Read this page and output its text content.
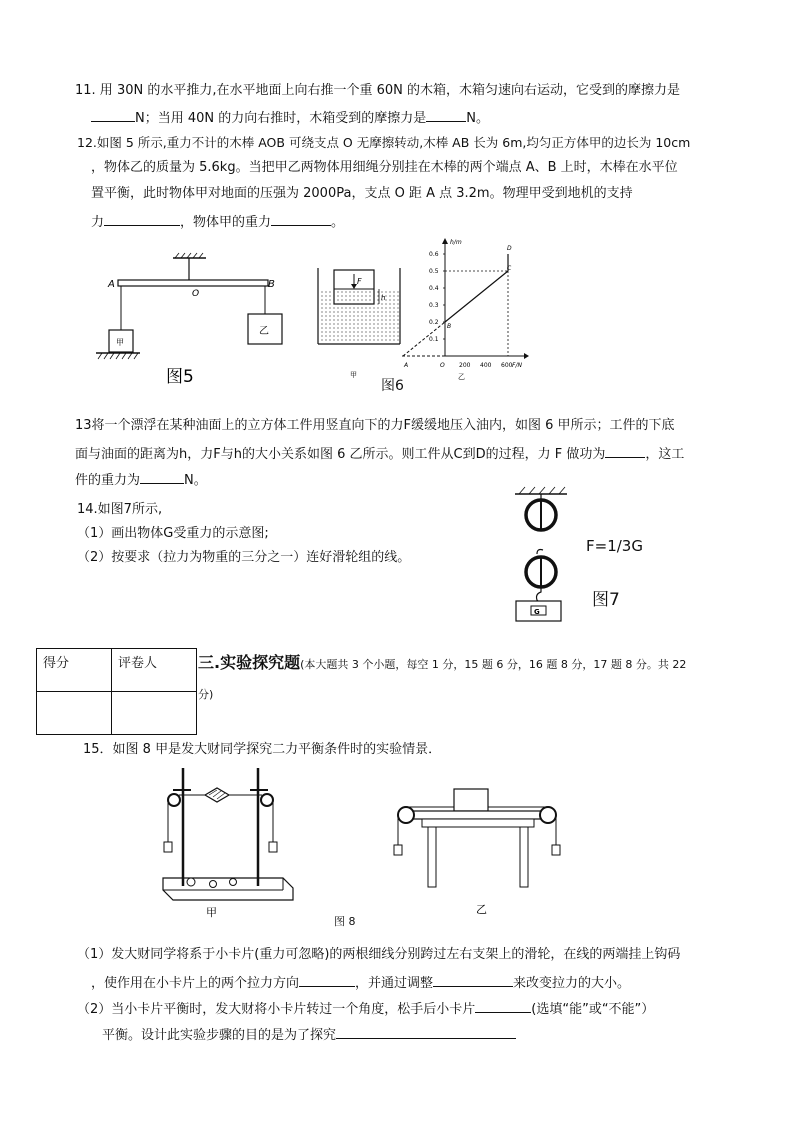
11. 用 30N 的水平推力,在水平地面上向右推一个重 60N 的木箱，木箱匀速向右运动，它受到的摩擦力是
N；当用 40N 的力向右推时，木箱受到的摩擦力是	N。
12.如图 5 所示,重力不计的木棒 AOB 可绕支点 O 无摩擦转动,木棒 AB 长为 6m,均匀正方体甲的边长为 10cm
，物体乙的质量为 5.6kg。当把甲乙两物体用细绳分别挂在木棒的两个端点 A、B 上时，木棒在水平位
置平衡，此时物体甲对地面的压强为 2000Pa，支点 O 距 A 点 3.2m。物理甲受到地机的支持
力	，物体甲的重力	。
A
O
B
甲
乙
图5
F
h
甲
h/m
F/N
0.6
0.5
0.4
0.3
0.2
0.1
200 400 600
A	O
B
C
D
乙
图6
13将一个漂浮在某种油面上的立方体工件用竖直向下的力F缓缓地压入油内，如图 6 甲所示；工件的下底
面与油面的距离为h，力F与h的大小关系如图 6 乙所示。则工件从C到D的过程，力 F 做功为	，这工
件的重力为	N。
14.如图7所示,
（1）画出物体G受重力的示意图;
（2）按要求（拉力为物重的三分之一）连好滑轮组的线。
G
F=1/3G
图7
得分	评卷人
		三.实验探究题(本大题共 3 个小题，每空 1 分，15 题 6 分，16 题 8 分，17 题 8 分。共 22
分)
15．如图 8 甲是发大财同学探究二力平衡条件时的实验情景．
甲
图 8
乙
（1）发大财同学将系于小卡片(重力可忽略)的两根细线分别跨过左右支架上的滑轮，在线的两端挂上钩码
，使作用在小卡片上的两个拉力方向	，并通过调整	来改变拉力的大小。
（2）当小卡片平衡时，发大财将小卡片转过一个角度，松手后小卡片	(选填“能”或“不能”）
平衡。设计此实验步骤的目的是为了探究
